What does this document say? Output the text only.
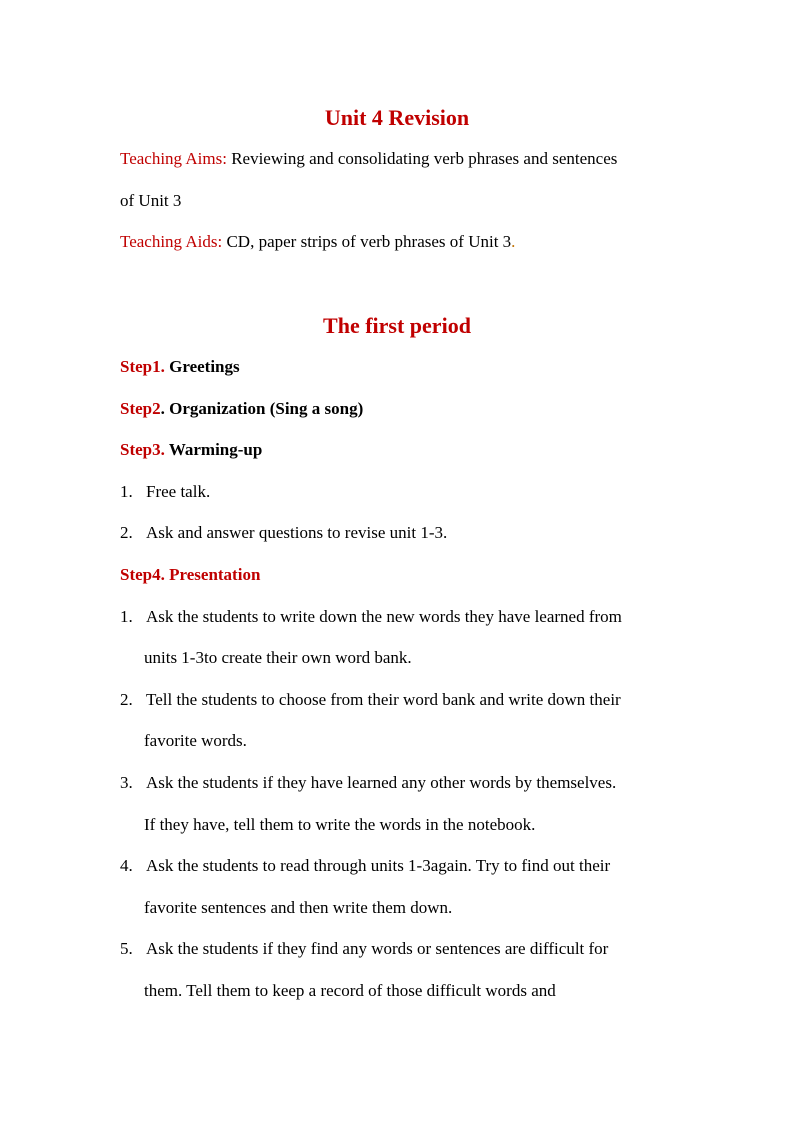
Unit 4 Revision

Teaching Aims: Reviewing and consolidating verb phrases and sentences

of Unit 3

Teaching Aids: CD, paper strips of verb phrases of Unit 3.

The first period

Step1. Greetings

Step2. Organization (Sing a song)

Step3. Warming-up

1. Free talk.

2. Ask and answer questions to revise unit 1-3.

Step4. Presentation

1. Ask the students to write down the new words they have learned from

units 1-3to create their own word bank.

2. Tell the students to choose from their word bank and write down their

favorite words.

3. Ask the students if they have learned any other words by themselves.

If they have, tell them to write the words in the notebook.

4. Ask the students to read through units 1-3again. Try to find out their

favorite sentences and then write them down.

5. Ask the students if they find any words or sentences are difficult for

them. Tell them to keep a record of those difficult words and
